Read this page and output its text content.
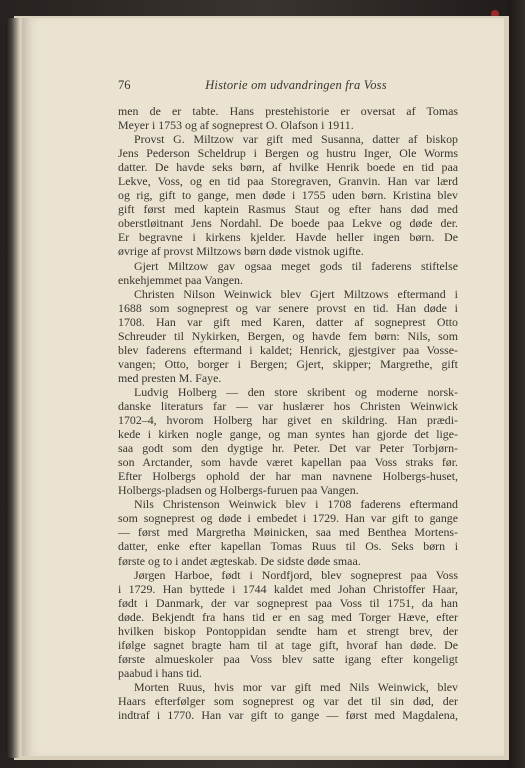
76	Historie om udvandringen fra Voss
men de er tabte. Hans prestehistorie er oversat af Tomas
Meyer i 1753 og af sogneprest O. Olafson i 1911.
Provst G. Miltzow var gift med Susanna, datter af biskop
Jens Pederson Scheldrup i Bergen og hustru Inger, Ole Worms
datter. De havde seks børn, af hvilke Henrik boede en tid paa
Lekve, Voss, og en tid paa Storegraven, Granvin. Han var lærd
og rig, gift to gange, men døde i 1755 uden børn. Kristina blev
gift først med kaptein Rasmus Staut og efter hans død med
oberstløitnant Jens Nordahl. De boede paa Lekve og døde der.
Er begravne i kirkens kjelder. Havde heller ingen børn. De
øvrige af provst Miltzows børn døde vistnok ugifte.
Gjert Miltzow gav ogsaa meget gods til faderens stiftelse
enkehjemmet paa Vangen.
Christen Nilson Weinwick blev Gjert Miltzows eftermand i
1688 som sogneprest og var senere provst en tid. Han døde i
1708. Han var gift med Karen, datter af sogneprest Otto
Schreuder til Nykirken, Bergen, og havde fem børn: Nils, som
blev faderens eftermand i kaldet; Henrick, gjestgiver paa Vosse-
vangen; Otto, borger i Bergen; Gjert, skipper; Margrethe, gift
med presten M. Faye.
Ludvig Holberg — den store skribent og moderne norsk-
danske literaturs far — var huslærer hos Christen Weinwick
1702–4, hvorom Holberg har givet en skildring. Han prædi-
kede i kirken nogle gange, og man syntes han gjorde det lige-
saa godt som den dygtige hr. Peter. Det var Peter Torbjørn-
son Arctander, som havde været kapellan paa Voss straks før.
Efter Holbergs ophold der har man navnene Holbergs-huset,
Holbergs-pladsen og Holbergs-furuen paa Vangen.
Nils Christenson Weinwick blev i 1708 faderens eftermand
som sogneprest og døde i embedet i 1729. Han var gift to gange
— først med Margretha Møinicken, saa med Benthea Mortens-
datter, enke efter kapellan Tomas Ruus til Os. Seks børn i
første og to i andet ægteskab. De sidste døde smaa.
Jørgen Harboe, født i Nordfjord, blev sogneprest paa Voss
i 1729. Han byttede i 1744 kaldet med Johan Christoffer Haar,
født i Danmark, der var sogneprest paa Voss til 1751, da han
døde. Bekjendt fra hans tid er en sag med Torger Hæve, efter
hvilken biskop Pontoppidan sendte ham et strengt brev, der
ifølge sagnet bragte ham til at tage gift, hvoraf han døde. De
første almueskoler paa Voss blev satte igang efter kongeligt
paabud i hans tid.
Morten Ruus, hvis mor var gift med Nils Weinwick, blev
Haars efterfølger som sogneprest og var det til sin død, der
indtraf i 1770. Han var gift to gange — først med Magdalena,
